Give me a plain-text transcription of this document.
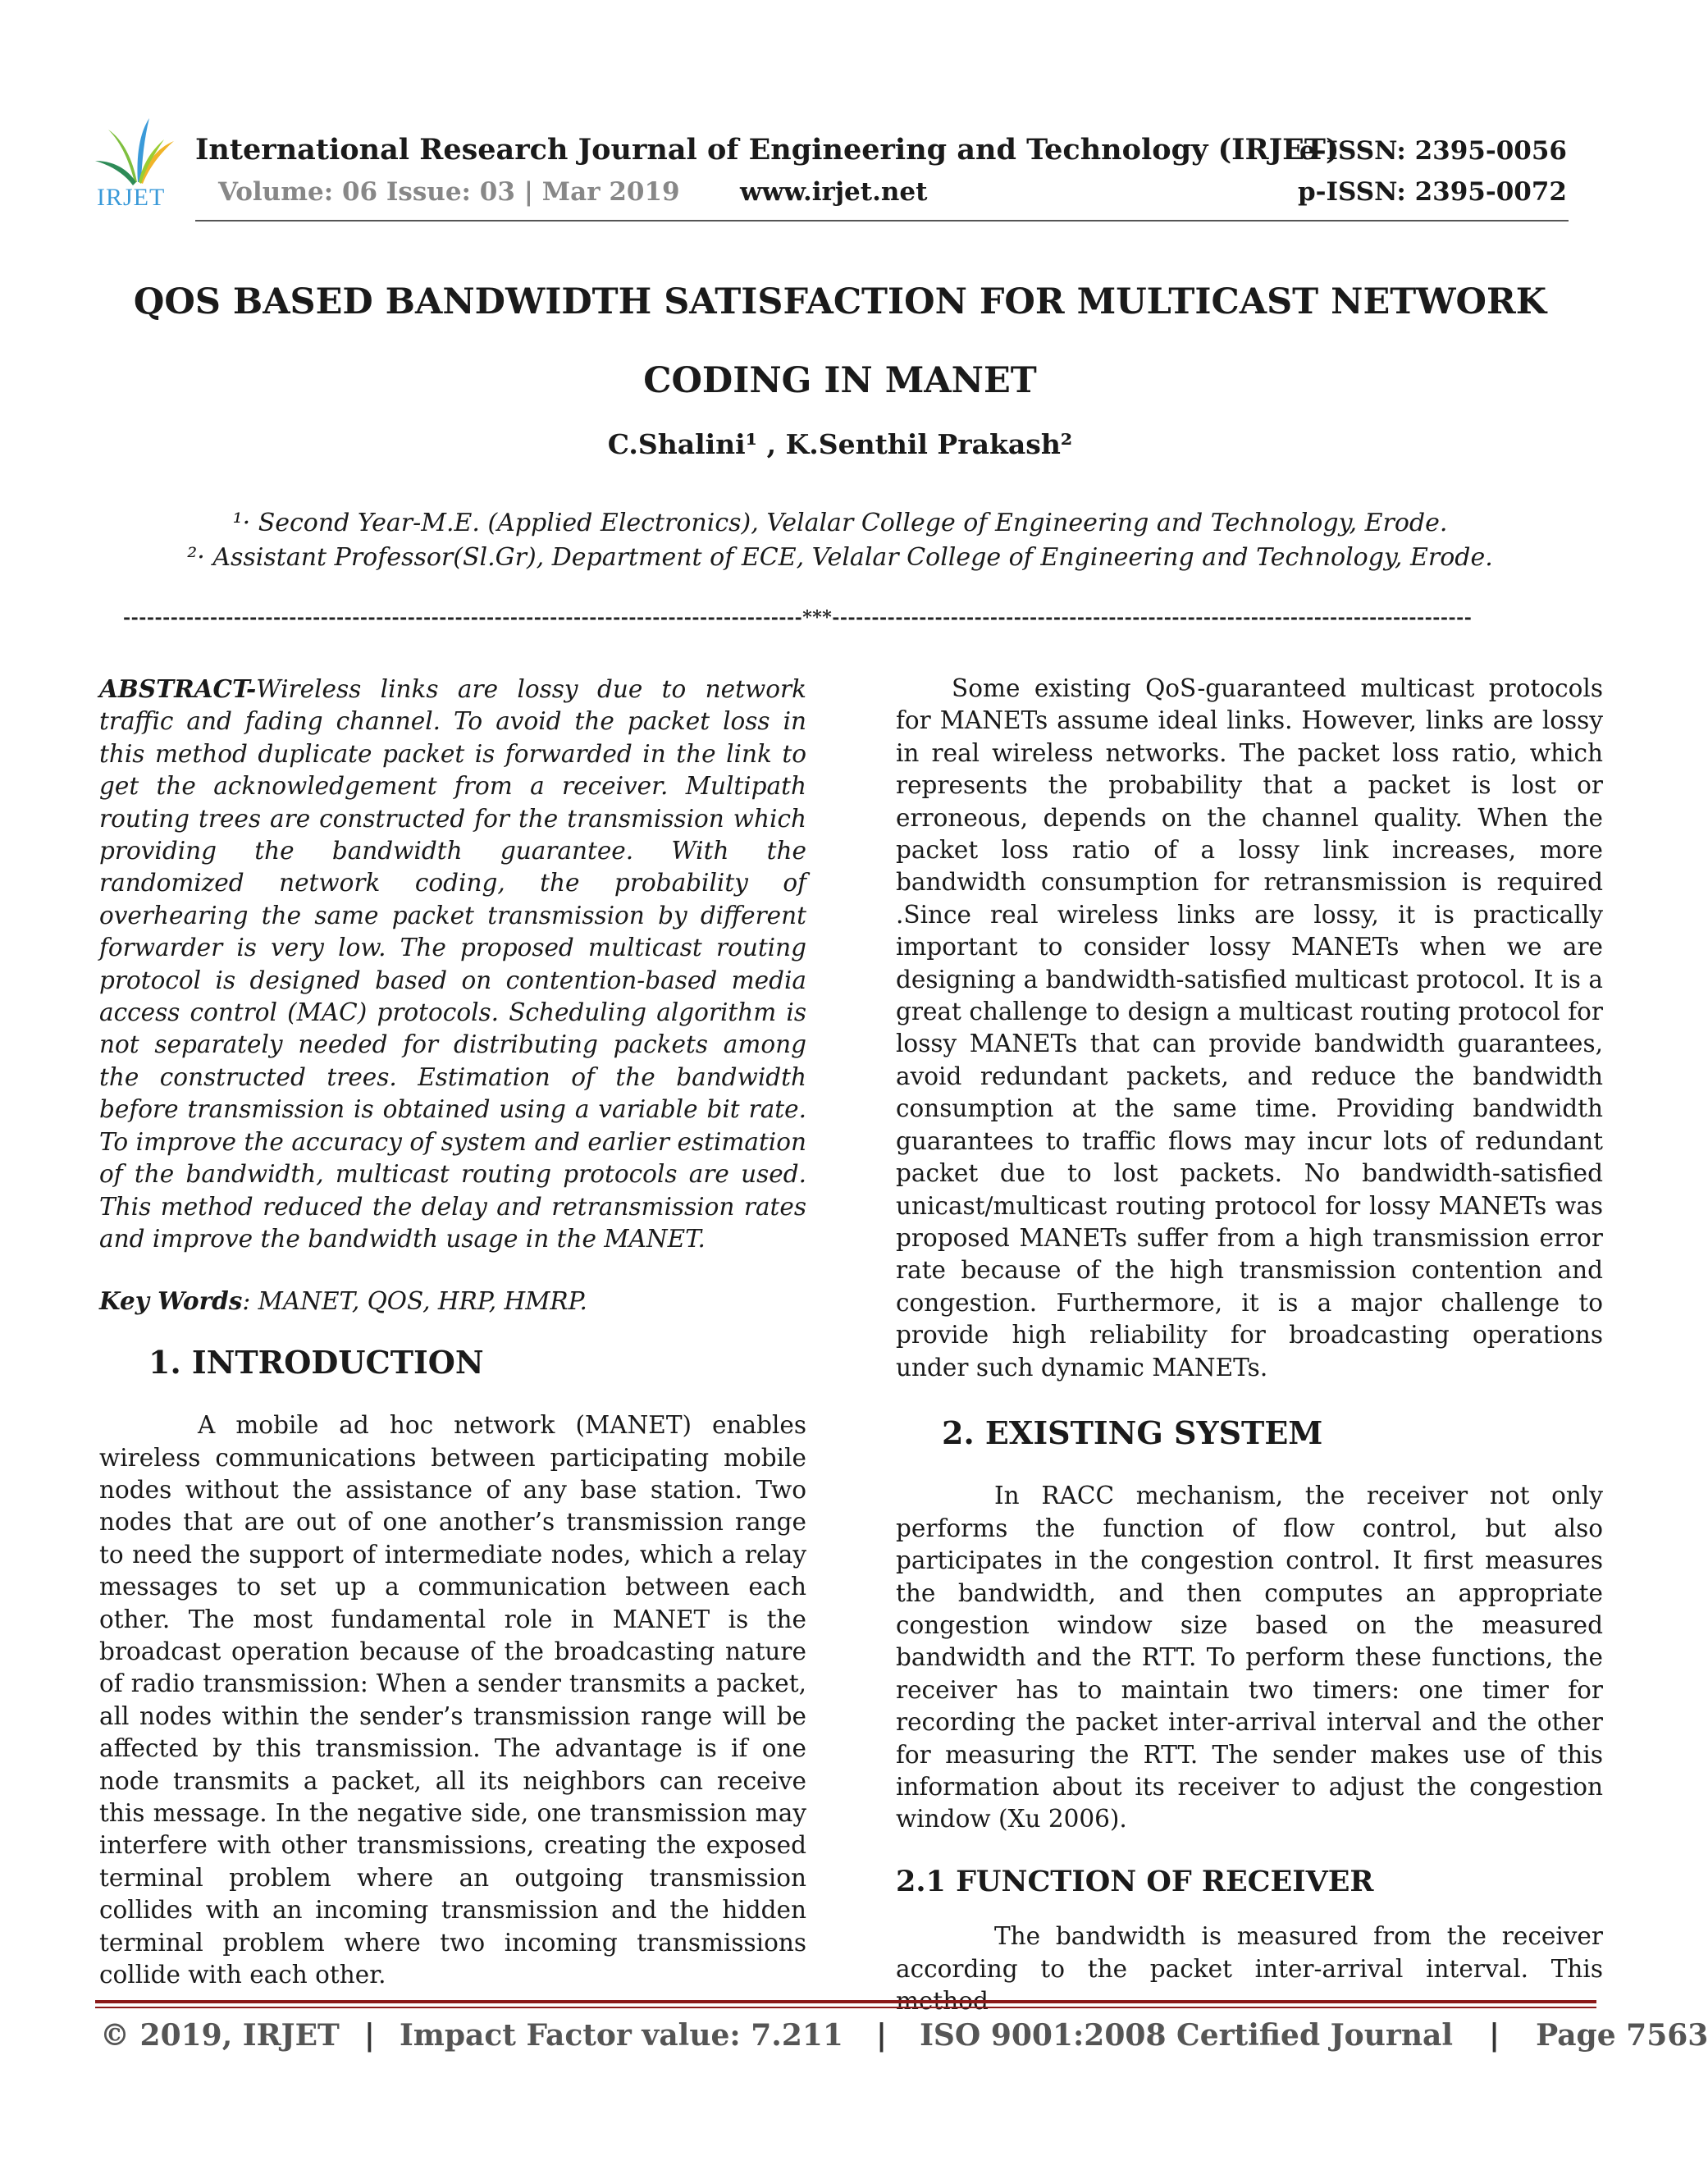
IRJET
International Research Journal of Engineering and Technology (IRJET)
e-ISSN: 2395-0056
Volume: 06 Issue: 03 | Mar 2019 www.irjet.net	p-ISSN: 2395-0072
QOS BASED BANDWIDTH SATISFACTION FOR MULTICAST NETWORK
CODING IN MANET
C.Shalini¹ , K.Senthil Prakash²
¹· Second Year-M.E. (Applied Electronics), Velalar College of Engineering and Technology, Erode.
²· Assistant Professor(Sl.Gr), Department of ECE, Velalar College of Engineering and Technology, Erode.
--------------------------------------------------------------------------------------***---------------------------------------------------------------------------------

ABSTRACT-Wireless links are lossy due to network traffic and fading channel. To avoid the packet loss in this method duplicate packet is forwarded in the link to get the acknowledgement from a receiver. Multipath routing trees are constructed for the transmission which providing the bandwidth guarantee. With the randomized network coding, the probability of overhearing the same packet transmission by different forwarder is very low. The proposed multicast routing protocol is designed based on contention-based media access control (MAC) protocols. Scheduling algorithm is not separately needed for distributing packets among the constructed trees. Estimation of the bandwidth before transmission is obtained using a variable bit rate. To improve the accuracy of system and earlier estimation of the bandwidth, multicast routing protocols are used. This method reduced the delay and retransmission rates and improve the bandwidth usage in the MANET.

Key Words: MANET, QOS, HRP, HMRP.

1. INTRODUCTION

A mobile ad hoc network (MANET) enables wireless communications between participating mobile nodes without the assistance of any base station. Two nodes that are out of one another’s transmission range to need the support of intermediate nodes, which a relay messages to set up a communication between each other. The most fundamental role in MANET is the broadcast operation because of the broadcasting nature of radio transmission: When a sender transmits a packet, all nodes within the sender’s transmission range will be affected by this transmission. The advantage is if one node transmits a packet, all its neighbors can receive this message. In the negative side, one transmission may interfere with other transmissions, creating the exposed terminal problem where an outgoing transmission collides with an incoming transmission and the hidden terminal problem where two incoming transmissions collide with each other.

Some existing QoS-guaranteed multicast protocols for MANETs assume ideal links. However, links are lossy in real wireless networks. The packet loss ratio, which represents the probability that a packet is lost or erroneous, depends on the channel quality. When the packet loss ratio of a lossy link increases, more bandwidth consumption for retransmission is required .Since real wireless links are lossy, it is practically important to consider lossy MANETs when we are designing a bandwidth-satisfied multicast protocol. It is a great challenge to design a multicast routing protocol for lossy MANETs that can provide bandwidth guarantees, avoid redundant packets, and reduce the bandwidth consumption at the same time. Providing bandwidth guarantees to traffic flows may incur lots of redundant packet due to lost packets. No bandwidth-satisfied unicast/multicast routing protocol for lossy MANETs was proposed MANETs suffer from a high transmission error rate because of the high transmission contention and congestion. Furthermore, it is a major challenge to provide high reliability for broadcasting operations under such dynamic MANETs.

2. EXISTING SYSTEM

In RACC mechanism, the receiver not only performs the function of flow control, but also participates in the congestion control. It first measures the bandwidth, and then computes an appropriate congestion window size based on the measured bandwidth and the RTT. To perform these functions, the receiver has to maintain two timers: one timer for recording the packet inter-arrival interval and the other for measuring the RTT. The sender makes use of this information about its receiver to adjust the congestion window (Xu 2006).

2.1 FUNCTION OF RECEIVER

The bandwidth is measured from the receiver according to the packet inter-arrival interval. This method

© 2019, IRJET | Impact Factor value: 7.211 | ISO 9001:2008 Certified Journal | Page 7563
